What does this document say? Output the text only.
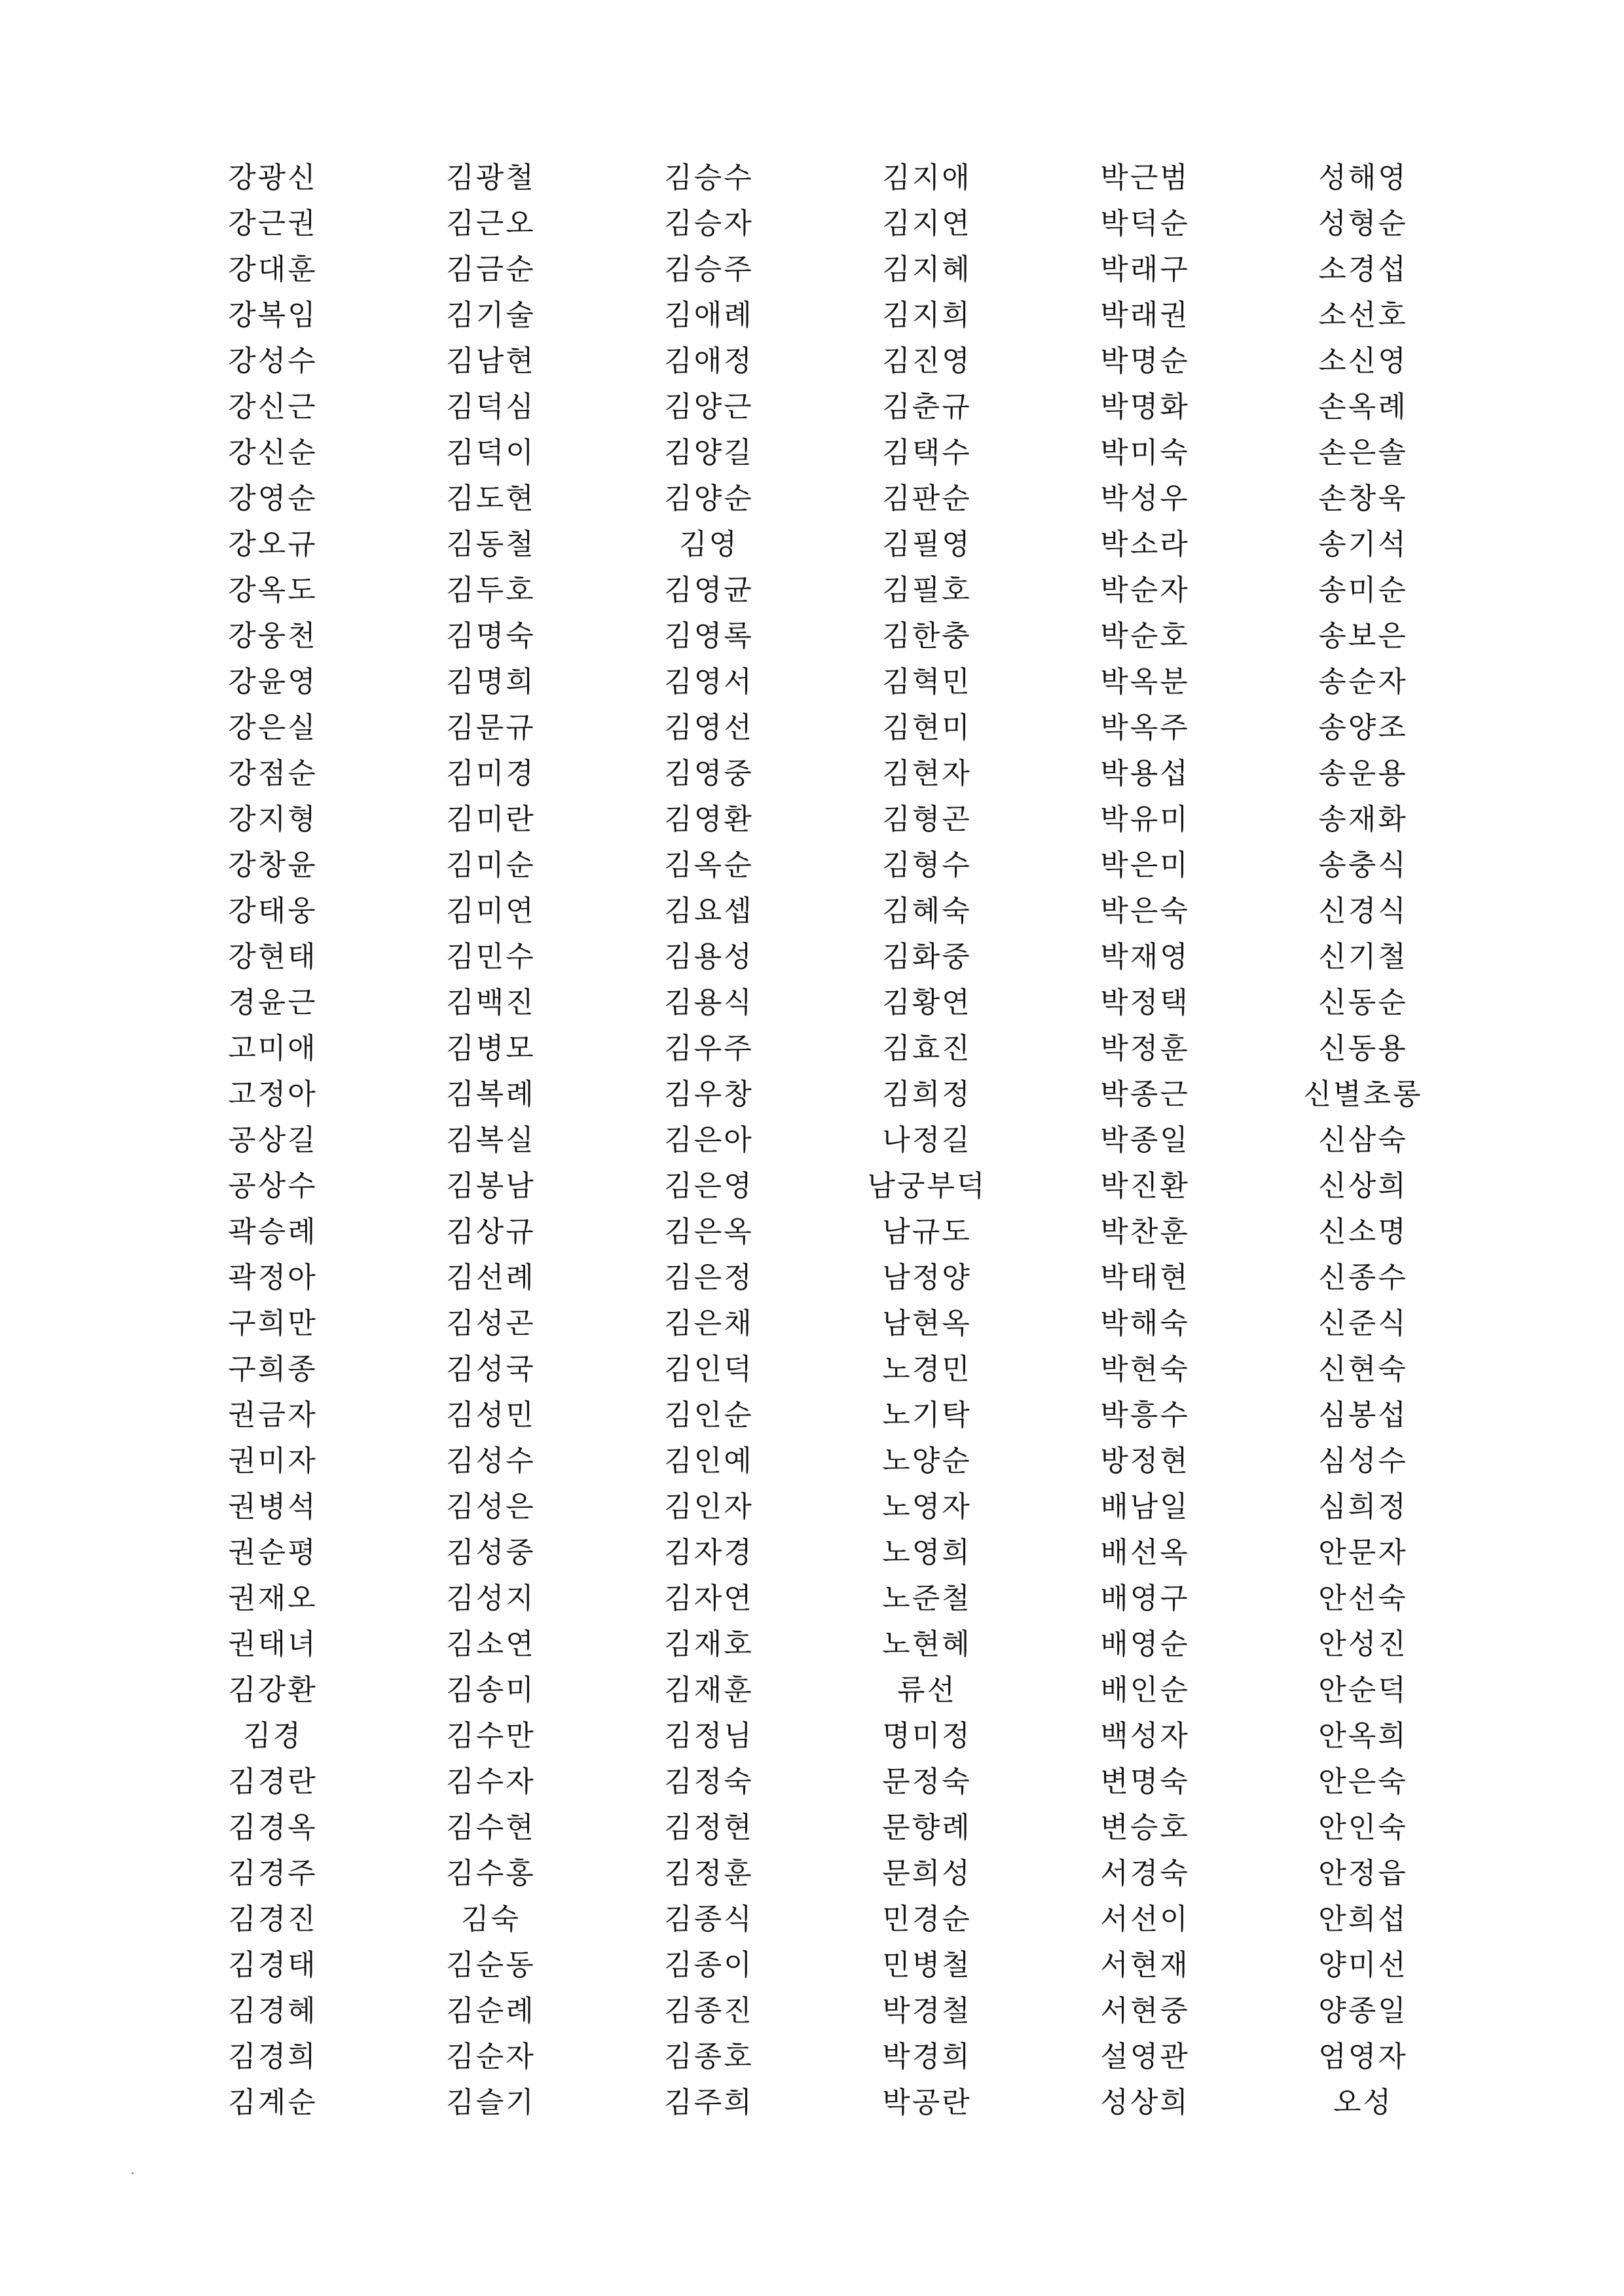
강광신	김광철	김승수	김지애	박근범	성해영
강근권	김근오	김승자	김지연	박덕순	성형순
강대훈	김금순	김승주	김지혜	박래구	소경섭
강복임	김기술	김애례	김지희	박래권	소선호
강성수	김남현	김애정	김진영	박명순	소신영
강신근	김덕심	김양근	김춘규	박명화	손옥례
강신순	김덕이	김양길	김택수	박미숙	손은솔
강영순	김도현	김양순	김판순	박성우	손창욱
강오규	김동철	김영	김필영	박소라	송기석
강옥도	김두호	김영균	김필호	박순자	송미순
강웅천	김명숙	김영록	김한충	박순호	송보은
강윤영	김명희	김영서	김혁민	박옥분	송순자
강은실	김문규	김영선	김현미	박옥주	송양조
강점순	김미경	김영중	김현자	박용섭	송운용
강지형	김미란	김영환	김형곤	박유미	송재화
강창윤	김미순	김옥순	김형수	박은미	송충식
강태웅	김미연	김요셉	김혜숙	박은숙	신경식
강현태	김민수	김용성	김화중	박재영	신기철
경윤근	김백진	김용식	김황연	박정택	신동순
고미애	김병모	김우주	김효진	박정훈	신동용
고정아	김복례	김우창	김희정	박종근	신별초롱
공상길	김복실	김은아	나정길	박종일	신삼숙
공상수	김봉남	김은영	남궁부덕	박진환	신상희
곽승례	김상규	김은옥	남규도	박찬훈	신소명
곽정아	김선례	김은정	남정양	박태현	신종수
구희만	김성곤	김은채	남현옥	박해숙	신준식
구희종	김성국	김인덕	노경민	박현숙	신현숙
권금자	김성민	김인순	노기탁	박흥수	심봉섭
권미자	김성수	김인예	노양순	방정현	심성수
권병석	김성은	김인자	노영자	배남일	심희정
권순평	김성중	김자경	노영희	배선옥	안문자
권재오	김성지	김자연	노준철	배영구	안선숙
권태녀	김소연	김재호	노현혜	배영순	안성진
김강환	김송미	김재훈	류선	배인순	안순덕
김경	김수만	김정님	명미정	백성자	안옥희
김경란	김수자	김정숙	문정숙	변명숙	안은숙
김경옥	김수현	김정현	문향례	변승호	안인숙
김경주	김수홍	김정훈	문희성	서경숙	안정읍
김경진	김숙	김종식	민경순	서선이	안희섭
김경태	김순동	김종이	민병철	서현재	양미선
김경혜	김순례	김종진	박경철	서현중	양종일
김경희	김순자	김종호	박경희	설영관	엄영자
김계순	김슬기	김주희	박공란	성상희	오성
